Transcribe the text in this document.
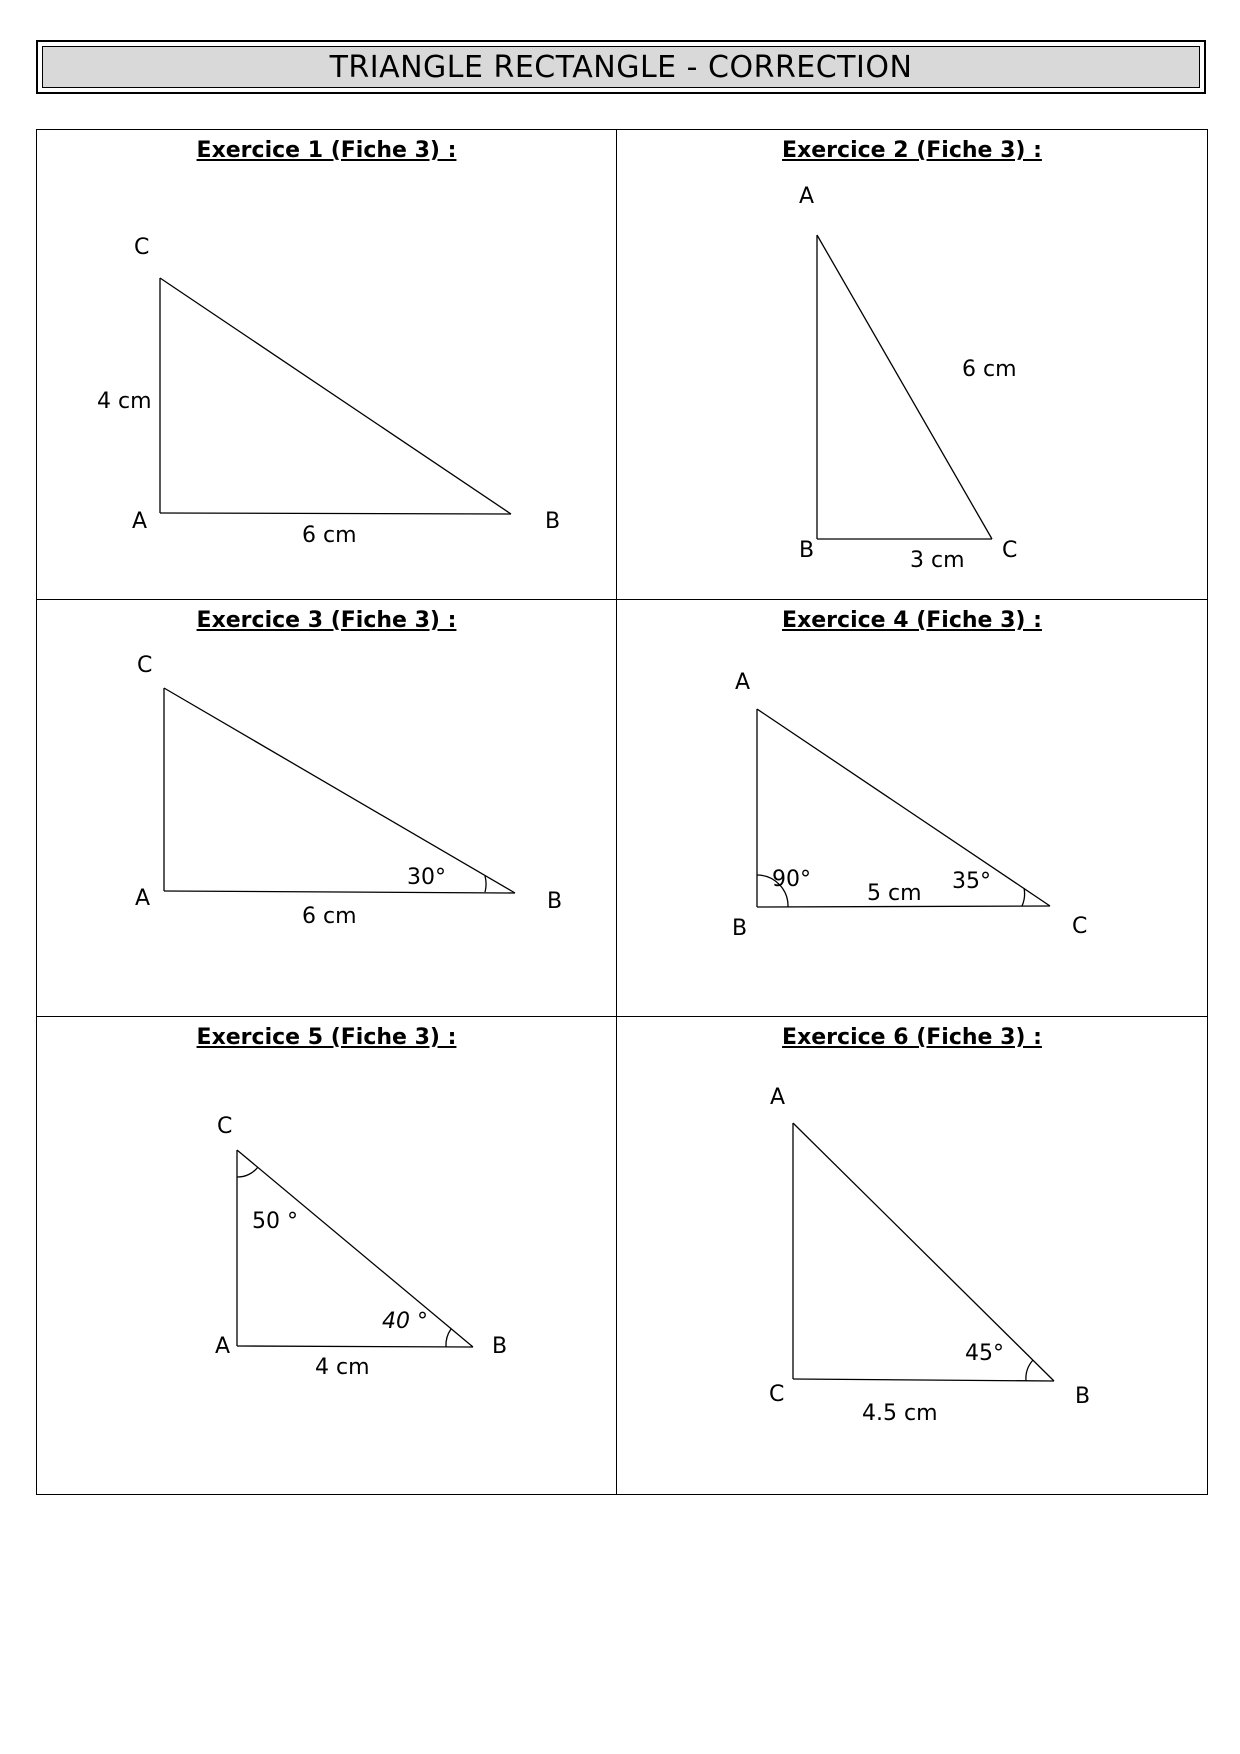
TRIANGLE RECTANGLE - CORRECTION
Exercice 1 (Fiche 3) :
C
A	B
4 cm
6 cm
Exercice 2 (Fiche 3) :
A
B	C
6 cm
3 cm
Exercice 3 (Fiche 3) :
C
A	B
30°
6 cm
Exercice 4 (Fiche 3) :
A
B	C
90°
5 cm 35°
Exercice 5 (Fiche 3) :
C
A	B
50 °
40 °
4 cm
Exercice 6 (Fiche 3) :
A
C	B
45°
4.5 cm
